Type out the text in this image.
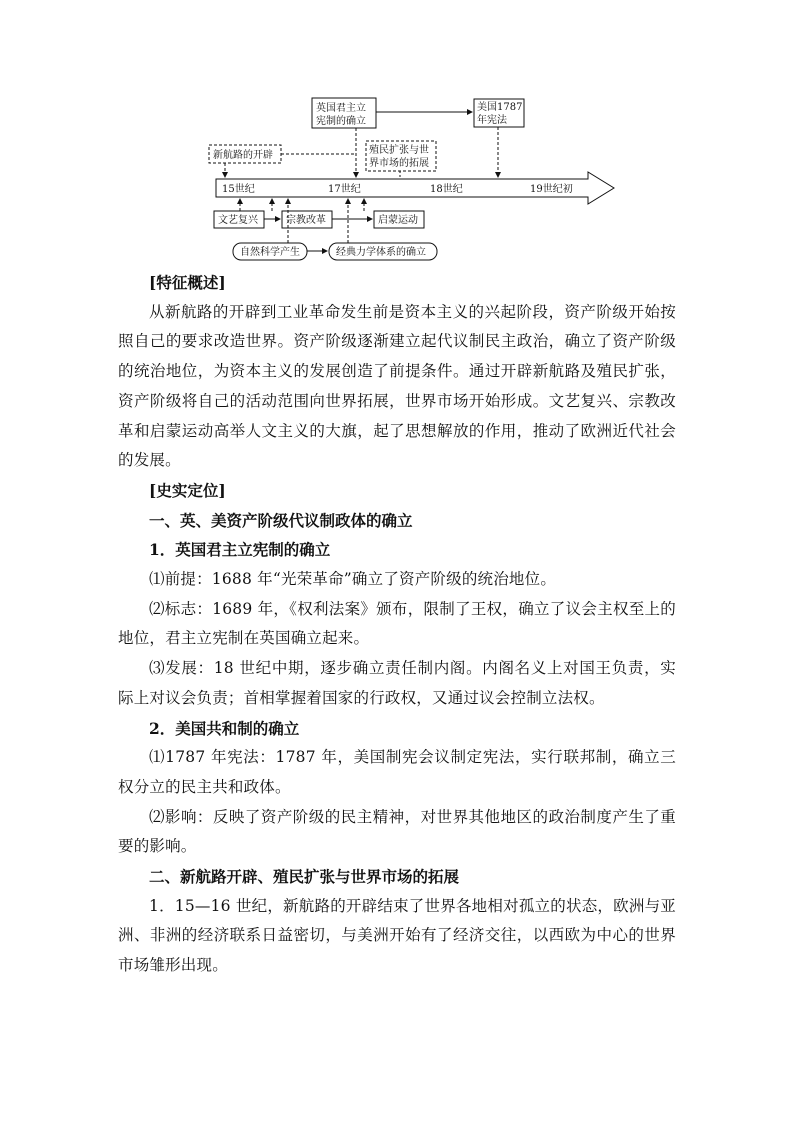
15世纪	17世纪	18世纪	19世纪初
新航路的开辟
英国君主立
宪制的确立
美国1787
年宪法
殖民扩张与世
界市场的拓展
文艺复兴	宗教改革	启蒙运动
自然科学产生	经典力学体系的确立

[特征概述]

从新航路的开辟到工业革命发生前是资本主义的兴起阶段，资产阶级开始按照自己的要求改造世界。资产阶级逐渐建立起代议制民主政治，确立了资产阶级的统治地位，为资本主义的发展创造了前提条件。通过开辟新航路及殖民扩张，资产阶级将自己的活动范围向世界拓展，世界市场开始形成。文艺复兴、宗教改革和启蒙运动高举人文主义的大旗，起了思想解放的作用，推动了欧洲近代社会的发展。

[史实定位]

一、英、美资产阶级代议制政体的确立

1．英国君主立宪制的确立

⑴前提：1688 年“光荣革命”确立了资产阶级的统治地位。

⑵标志：1689 年，《权利法案》颁布，限制了王权，确立了议会主权至上的地位，君主立宪制在英国确立起来。

⑶发展：18 世纪中期，逐步确立责任制内阁。内阁名义上对国王负责，实际上对议会负责；首相掌握着国家的行政权，又通过议会控制立法权。

2．美国共和制的确立

⑴1787 年宪法：1787 年，美国制宪会议制定宪法，实行联邦制，确立三权分立的民主共和政体。

⑵影响：反映了资产阶级的民主精神，对世界其他地区的政治制度产生了重要的影响。

二、新航路开辟、殖民扩张与世界市场的拓展

1．15—16 世纪，新航路的开辟结束了世界各地相对孤立的状态，欧洲与亚洲、非洲的经济联系日益密切，与美洲开始有了经济交往，以西欧为中心的世界市场雏形出现。
